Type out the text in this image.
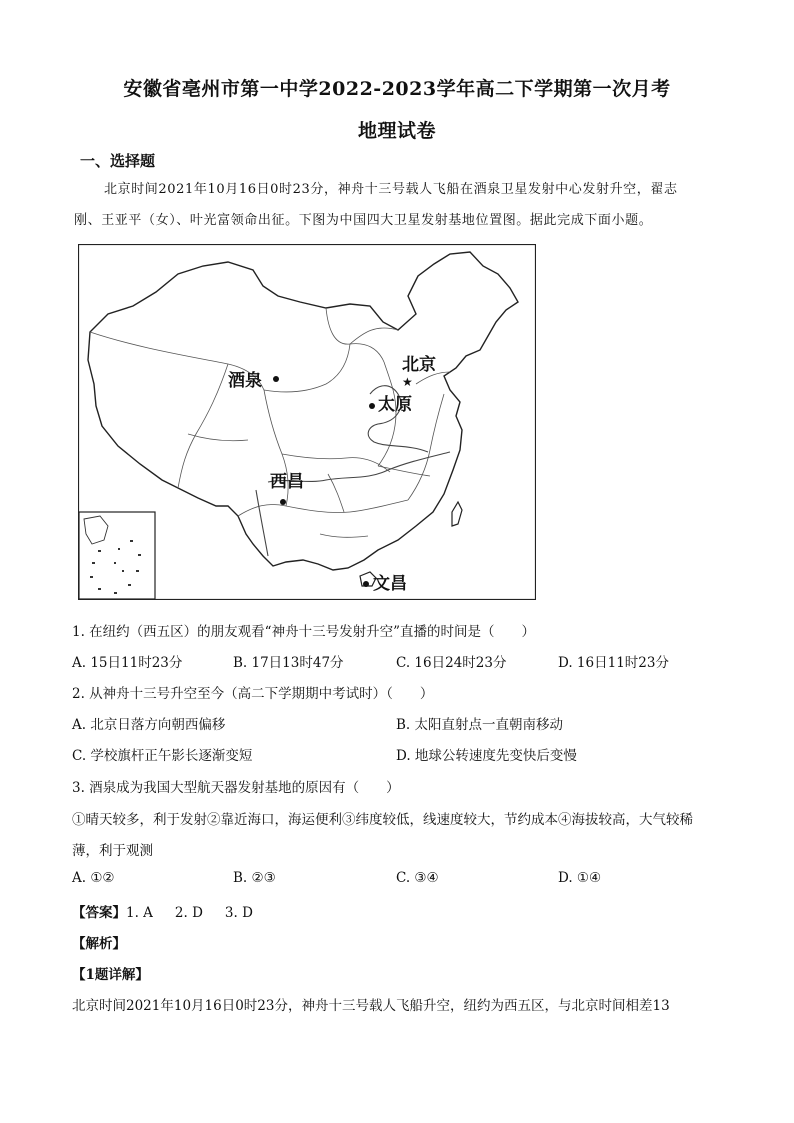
安徽省亳州市第一中学2022-2023学年高二下学期第一次月考
地理试卷
一、选择题
北京时间2021年10月16日0时23分，神舟十三号载人飞船在酒泉卫星发射中心发射升空，翟志
刚、王亚平（女）、叶光富领命出征。下图为中国四大卫星发射基地位置图。据此完成下面小题。
酒泉	★
北京
太原
西昌
文昌
1. 在纽约（西五区）的朋友观看“神舟十三号发射升空”直播的时间是（　　）
A. 15日11时23分	B. 17日13时47分	C. 16日24时23分	D. 16日11时23分
2. 从神舟十三号升空至今（高二下学期期中考试时）（　　）
A. 北京日落方向朝西偏移	B. 太阳直射点一直朝南移动
C. 学校旗杆正午影长逐渐变短	D. 地球公转速度先变快后变慢
3. 酒泉成为我国大型航天器发射基地的原因有（　　）
①晴天较多，利于发射②靠近海口，海运便利③纬度较低，线速度较大，节约成本④海拔较高，大气较稀
薄，利于观测
A. ①②	B. ②③	C. ③④	D. ①④
【答案】1. A 2. D 3. D
【解析】
【1题详解】
北京时间2021年10月16日0时23分，神舟十三号载人飞船升空，纽约为西五区，与北京时间相差13
